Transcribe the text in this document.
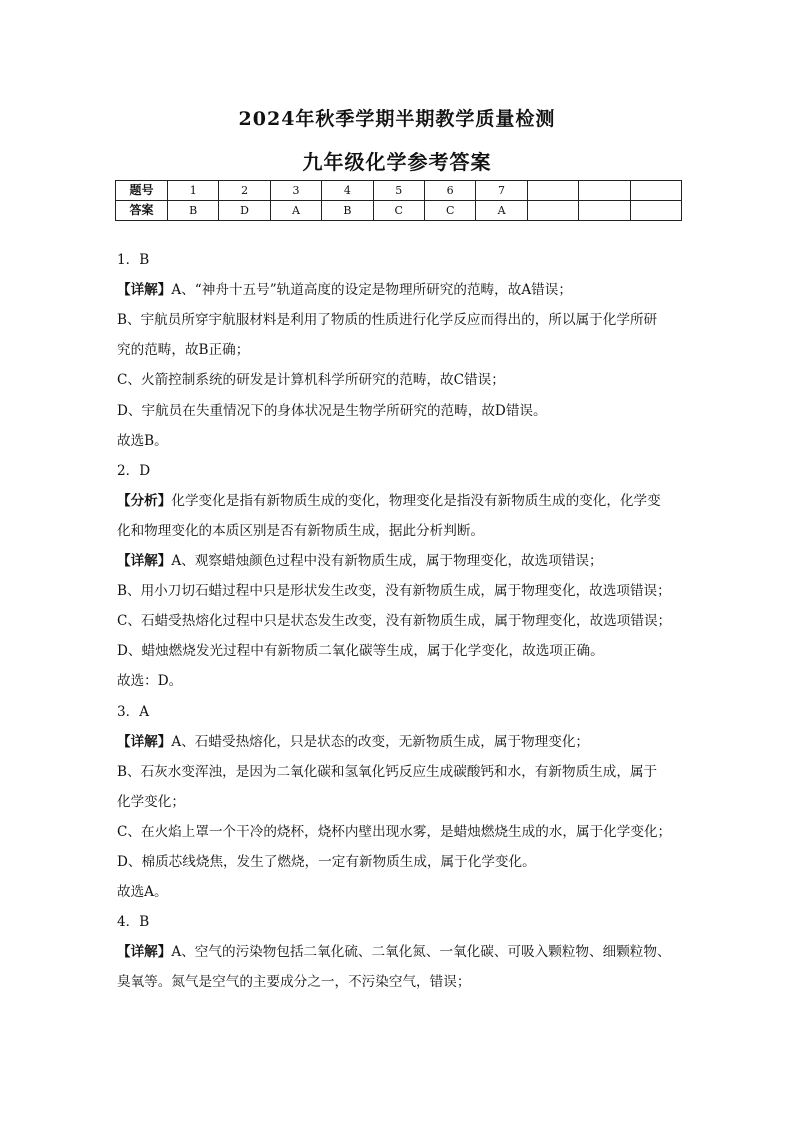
2024年秋季学期半期教学质量检测
九年级化学参考答案
题号	1	2	3	4	5	6	7			
答案	B	D	A	B	C	C	A			
1．B
【详解】A、“神舟十五号”轨道高度的设定是物理所研究的范畴，故A错误；
B、宇航员所穿宇航服材料是利用了物质的性质进行化学反应而得出的，所以属于化学所研
究的范畴，故B正确；
C、火箭控制系统的研发是计算机科学所研究的范畴，故C错误；
D、宇航员在失重情况下的身体状况是生物学所研究的范畴，故D错误。
故选B。
2．D
【分析】化学变化是指有新物质生成的变化，物理变化是指没有新物质生成的变化，化学变
化和物理变化的本质区别是否有新物质生成，据此分析判断。
【详解】A、观察蜡烛颜色过程中没有新物质生成，属于物理变化，故选项错误；
B、用小刀切石蜡过程中只是形状发生改变，没有新物质生成，属于物理变化，故选项错误；
C、石蜡受热熔化过程中只是状态发生改变，没有新物质生成，属于物理变化，故选项错误；
D、蜡烛燃烧发光过程中有新物质二氧化碳等生成，属于化学变化，故选项正确。
故选：D。
3．A
【详解】A、石蜡受热熔化，只是状态的改变，无新物质生成，属于物理变化；
B、石灰水变浑浊，是因为二氧化碳和氢氧化钙反应生成碳酸钙和水，有新物质生成，属于
化学变化；
C、在火焰上罩一个干冷的烧杯，烧杯内壁出现水雾，是蜡烛燃烧生成的水，属于化学变化；
D、棉质芯线烧焦，发生了燃烧，一定有新物质生成，属于化学变化。
故选A。
4．B
【详解】A、空气的污染物包括二氧化硫、二氧化氮、一氧化碳、可吸入颗粒物、细颗粒物、
臭氧等。氮气是空气的主要成分之一，不污染空气，错误；
